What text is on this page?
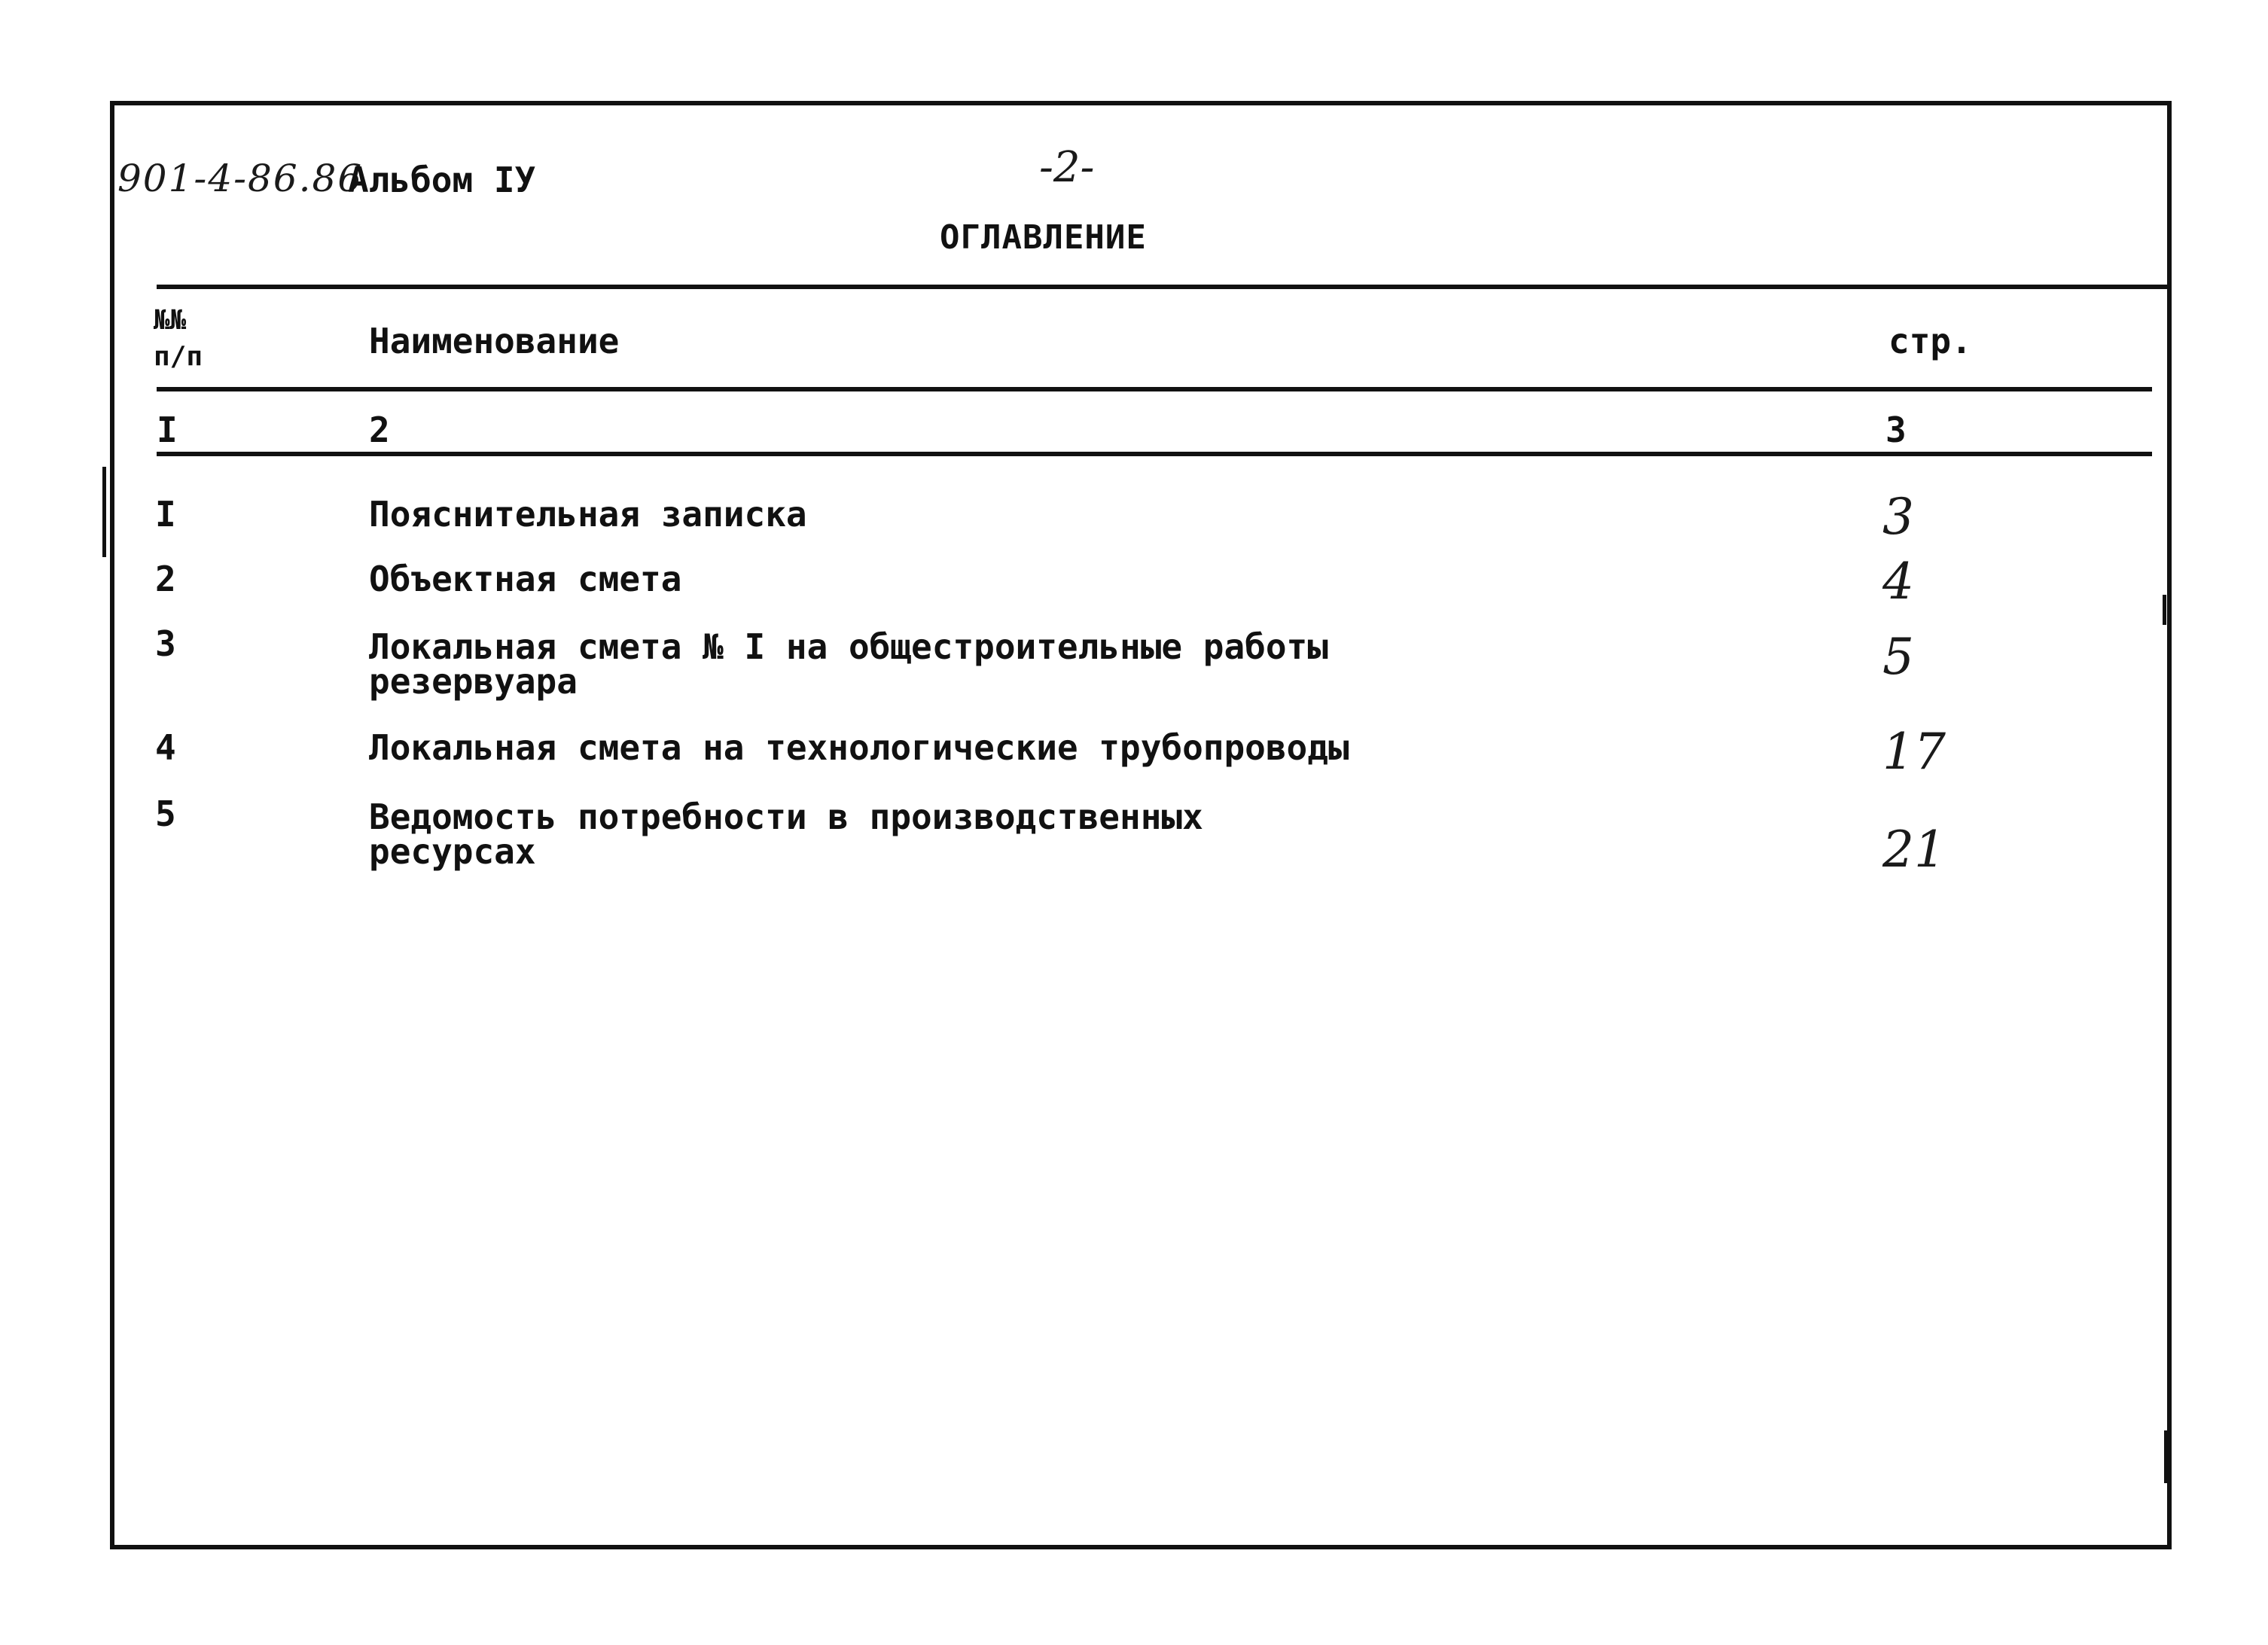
901-4-86.86
Альбом IУ	-2-
ОГЛАВЛЕНИЕ
№№
п/п	Наименование	стр.
I	2	3
I	Пояснительная записка	3
2	Объектная смета	4
3	Локальная смета № I на общестроительные работы
резервуара	5
4	Локальная смета на технологические трубопроводы	17
5	Ведомость потребности в производственных
ресурсах	21
